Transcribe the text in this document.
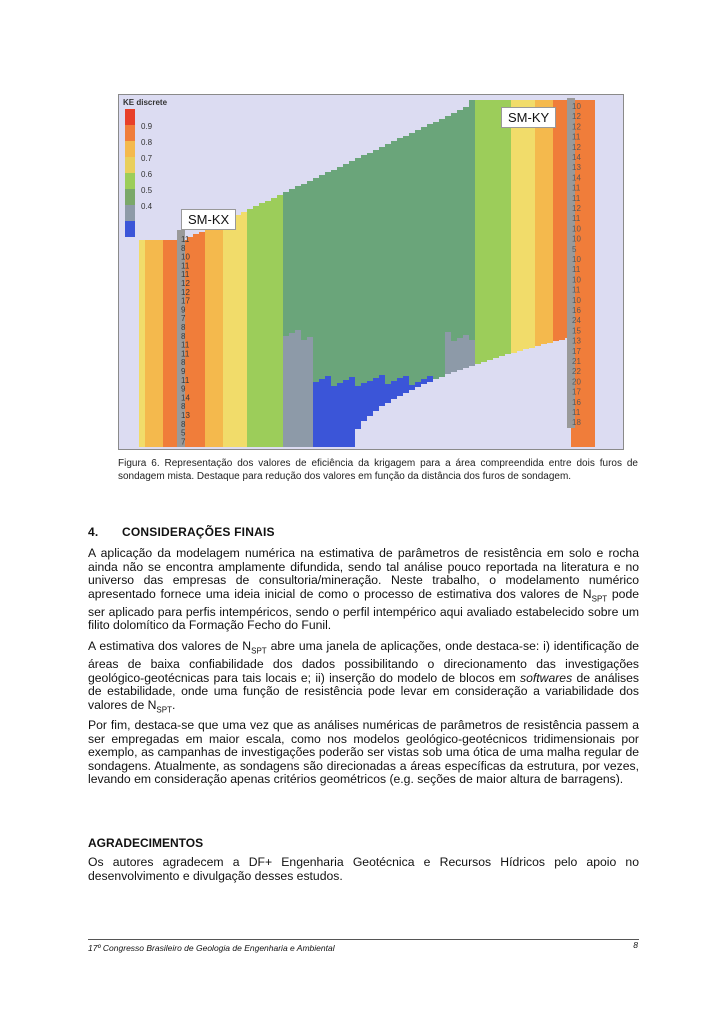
11
8
10
11
11
12
12
17
9
7
8
8
11
11
8
9
11
9
14
8
13
8
5
7
10
12
12
11
12
14
13
14
11
11
12
11
10
10
5
10
11
10
11
10
16
24
15
13
17
21
22
20
17
16
11
18
KE discrete
0.9
0.8
0.7
0.6
0.5
0.4
SM-KX
SM-KY
Figura 6. Representação dos valores de eficiência da krigagem para a área compreendida entre dois furos de sondagem mista. Destaque para redução dos valores em função da distância dos furos de sondagem.
4. CONSIDERAÇÕES FINAIS

A aplicação da modelagem numérica na estimativa de parâmetros de resistência em solo e rocha ainda não se encontra amplamente difundida, sendo tal análise pouco reportada na literatura e no universo das empresas de consultoria/mineração. Neste trabalho, o modelamento numérico apresentado fornece uma ideia inicial de como o processo de estimativa dos valores de $N_{SPT}$ pode ser aplicado para perfis intempéricos, sendo o perfil intempérico aqui avaliado estabelecido sobre um filito dolomítico da Formação Fecho do Funil.

A estimativa dos valores de $N_{SPT}$ abre uma janela de aplicações, onde destaca-se: i) identificação de áreas de baixa confiabilidade dos dados possibilitando o direcionamento das investigações geológico-geotécnicas para tais locais e; ii) inserção do modelo de blocos em softwares de análises de estabilidade, onde uma função de resistência pode levar em consideração a variabilidade dos valores de $N_{SPT}$.

Por fim, destaca-se que uma vez que as análises numéricas de parâmetros de resistência passem a ser empregadas em maior escala, como nos modelos geológico-geotécnicos tridimensionais por exemplo, as campanhas de investigações poderão ser vistas sob uma ótica de uma malha regular de sondagens. Atualmente, as sondagens são direcionadas a áreas específicas da estrutura, por vezes, levando em consideração apenas critérios geométricos (e.g. seções de maior altura de barragens).

AGRADECIMENTOS

Os autores agradecem a DF+ Engenharia Geotécnica e Recursos Hídricos pelo apoio no desenvolvimento e divulgação desses estudos.

17º Congresso Brasileiro de Geologia de Engenharia e Ambiental	8
